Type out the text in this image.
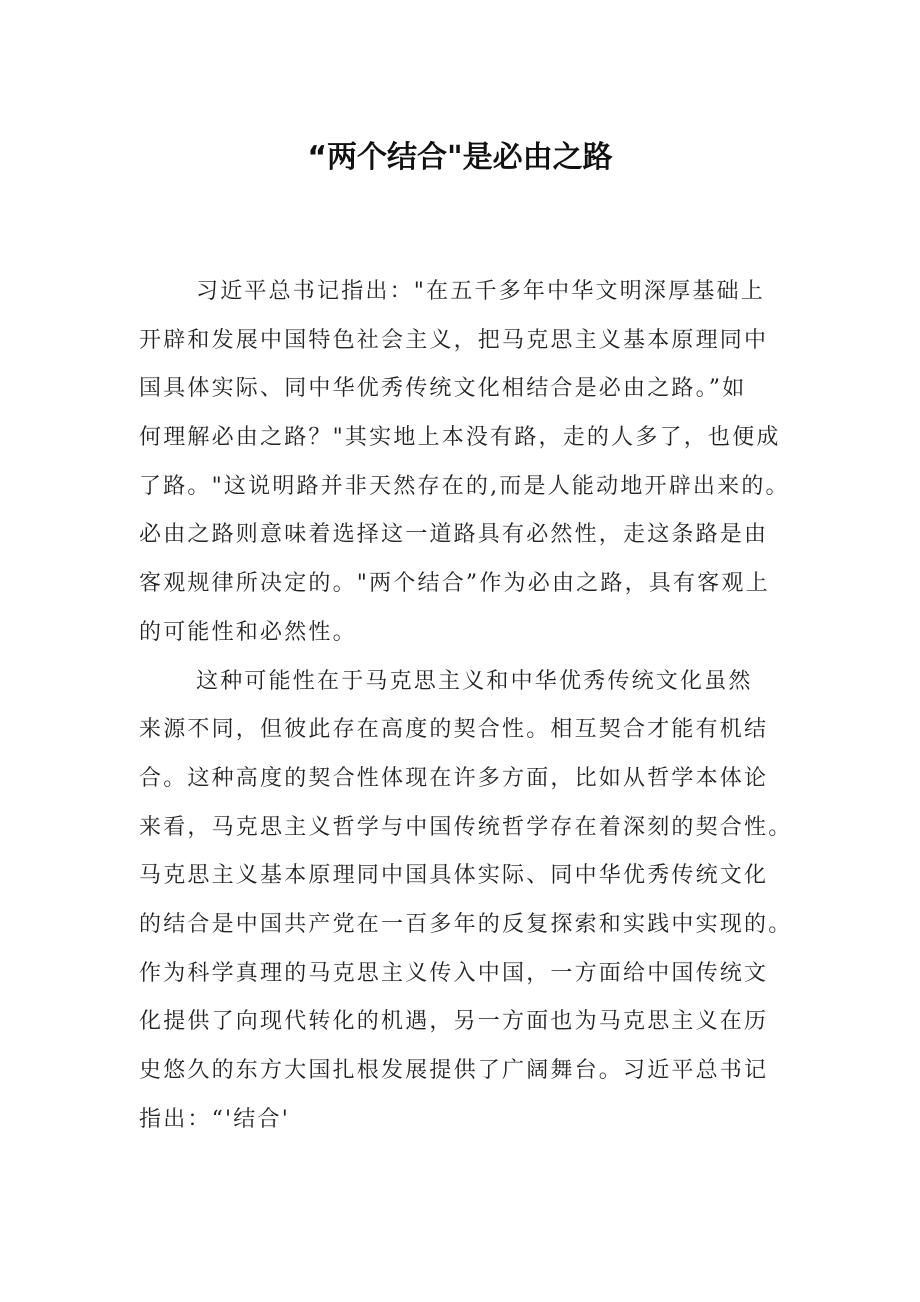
“两个结合"是必由之路
习近平总书记指出："在五千多年中华文明深厚基础上
开辟和发展中国特色社会主义，把马克思主义基本原理同中
国具体实际、同中华优秀传统文化相结合是必由之路。”如
何理解必由之路？"其实地上本没有路，走的人多了，也便成
了路。"这说明路并非天然存在的,而是人能动地开辟出来的。
必由之路则意味着选择这一道路具有必然性，走这条路是由
客观规律所决定的。"两个结合”作为必由之路，具有客观上
的可能性和必然性。
这种可能性在于马克思主义和中华优秀传统文化虽然
来源不同，但彼此存在高度的契合性。相互契合才能有机结
合。这种高度的契合性体现在许多方面，比如从哲学本体论
来看，马克思主义哲学与中国传统哲学存在着深刻的契合性。
马克思主义基本原理同中国具体实际、同中华优秀传统文化
的结合是中国共产党在一百多年的反复探索和实践中实现的。
作为科学真理的马克思主义传入中国，一方面给中国传统文
化提供了向现代转化的机遇，另一方面也为马克思主义在历
史悠久的东方大国扎根发展提供了广阔舞台。习近平总书记
指出：“'结合'
